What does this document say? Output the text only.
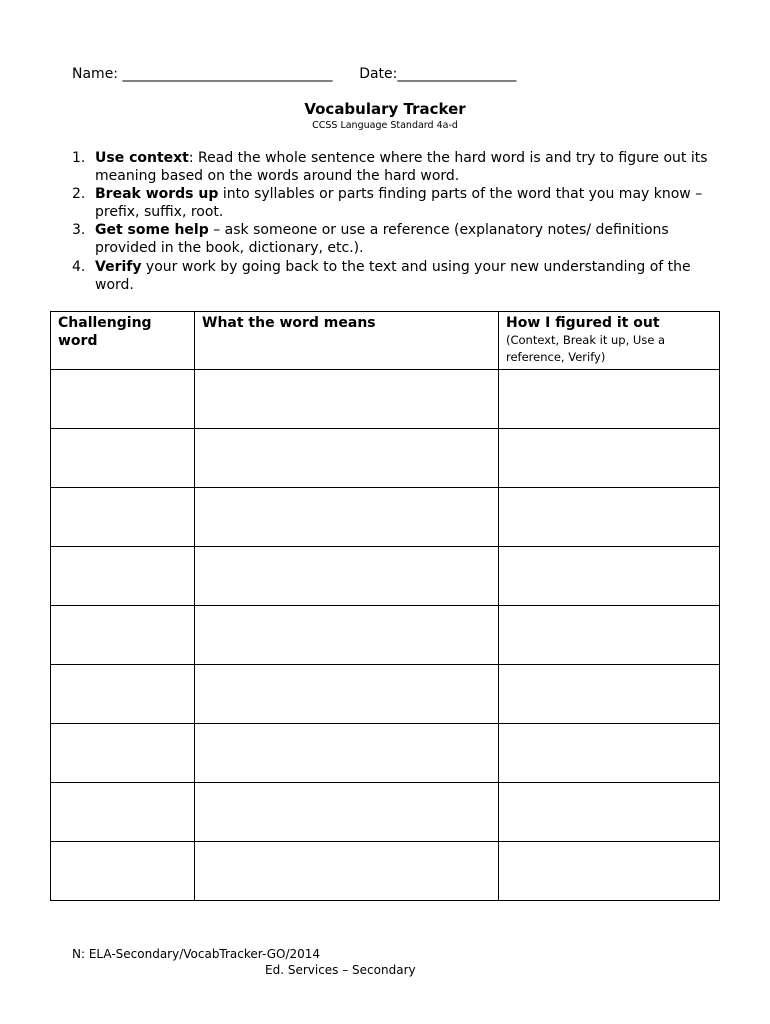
Name: ______________________________ Date:_________________
Vocabulary Tracker
CCSS Language Standard 4a-d
1. Use context: Read the whole sentence where the hard word is and try to figure out its meaning based on the words around the hard word.
2. Break words up into syllables or parts finding parts of the word that you may know – prefix, suffix, root.
3. Get some help – ask someone or use a reference (explanatory notes/ definitions provided in the book, dictionary, etc.).
4. Verify your work by going back to the text and using your new understanding of the word.
Challenging word	What the word means	How I figured it out
(Context, Break it up, Use a reference, Verify)

N: ELA-Secondary/VocabTracker-GO/2014
Ed. Services – Secondary
